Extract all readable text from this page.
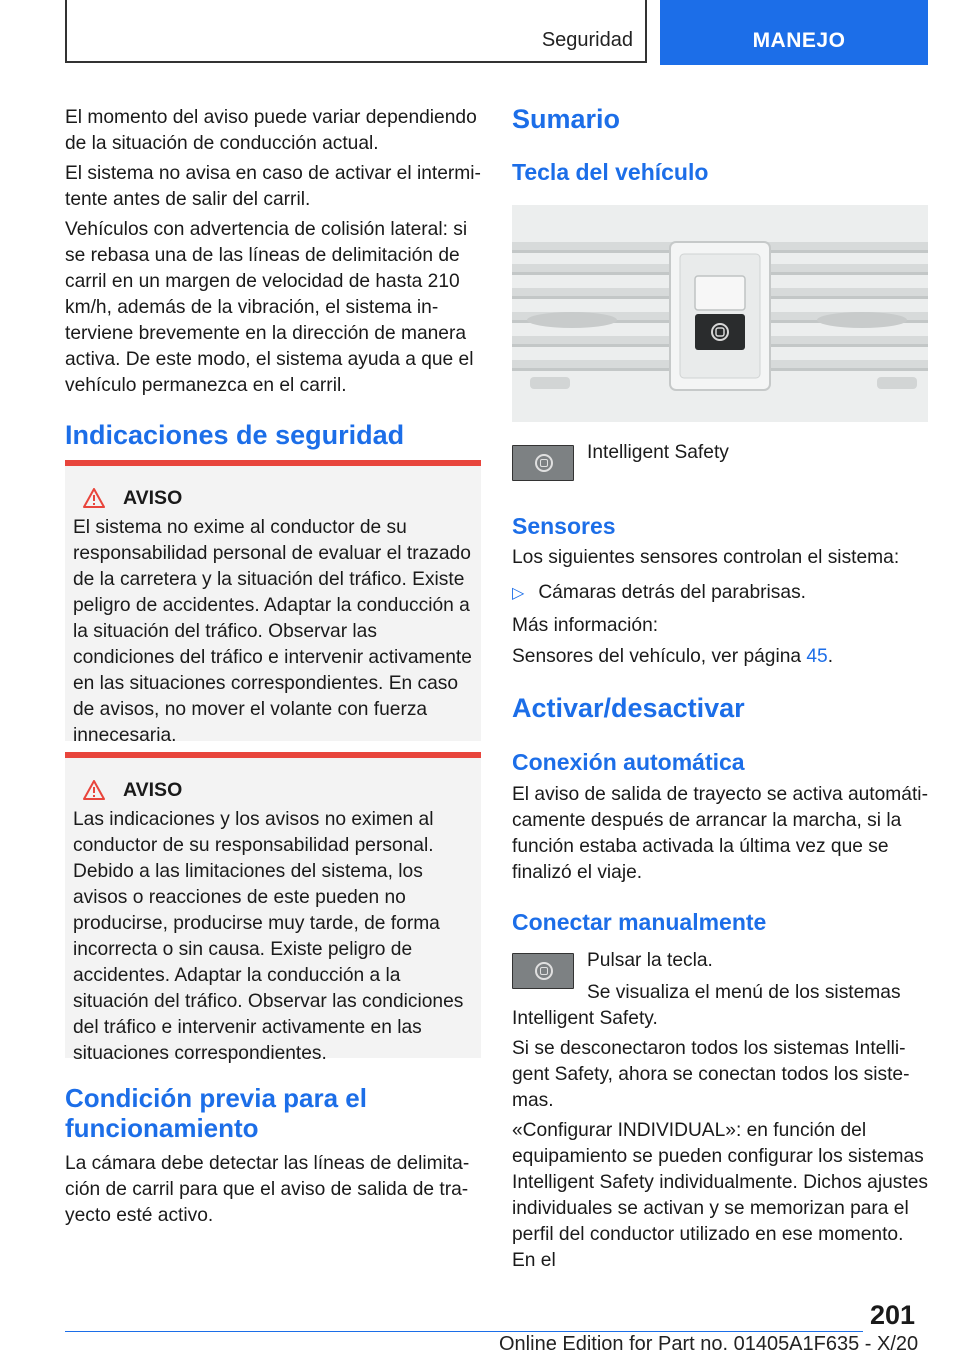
Seguridad	MANEJO

El momento del aviso puede variar dependiendo de la situación de conducción actual.

El sistema no avisa en caso de activar el intermitente antes de salir del carril.

Vehículos con advertencia de colisión lateral: si se rebasa una de las líneas de delimitación de carril en un margen de velocidad de hasta 210 km/h, además de la vibración, el sistema interviene brevemente en la dirección de manera activa. De este modo, el sistema ayuda a que el vehículo permanezca en el carril.

Indicaciones de seguridad
AVISO

El sistema no exime al conductor de su responsabilidad personal de evaluar el trazado de la carretera y la situación del tráfico. Existe peligro de accidentes. Adaptar la conducción a la situación del tráfico. Observar las condiciones del tráfico e intervenir activamente en las situaciones correspondientes. En caso de avisos, no mover el volante con fuerza innecesaria.

AVISO

Las indicaciones y los avisos no eximen al conductor de su responsabilidad personal. Debido a las limitaciones del sistema, los avisos o reacciones de este pueden no producirse, producirse muy tarde, de forma incorrecta o sin causa. Existe peligro de accidentes. Adaptar la conducción a la situación del tráfico. Observar las condiciones del tráfico e intervenir activamente en las situaciones correspondientes.

Condición previa para el funcionamiento

La cámara debe detectar las líneas de delimitación de carril para que el aviso de salida de trayecto esté activo.

Sumario
Tecla del vehículo

Intelligent Safety

Sensores

Los siguientes sensores controlan el sistema:

▷ Cámaras detrás del parabrisas.

Más información:

Sensores del vehículo, ver página 45.

Activar/desactivar
Conexión automática

El aviso de salida de trayecto se activa automáticamente después de arrancar la marcha, si la función estaba activada la última vez que se finalizó el viaje.

Conectar manualmente

Pulsar la tecla.

Se visualiza el menú de los sistemas Intelligent Safety.

Si se desconectaron todos los sistemas Intelligent Safety, ahora se conectan todos los sistemas.

«Configurar INDIVIDUAL»: en función del equipamiento se pueden configurar los sistemas Intelligent Safety individualmente. Dichos ajustes individuales se activan y se memorizan para el perfil del conductor utilizado en ese momento. En el

201
Online Edition for Part no. 01405A1F635 - X/20
